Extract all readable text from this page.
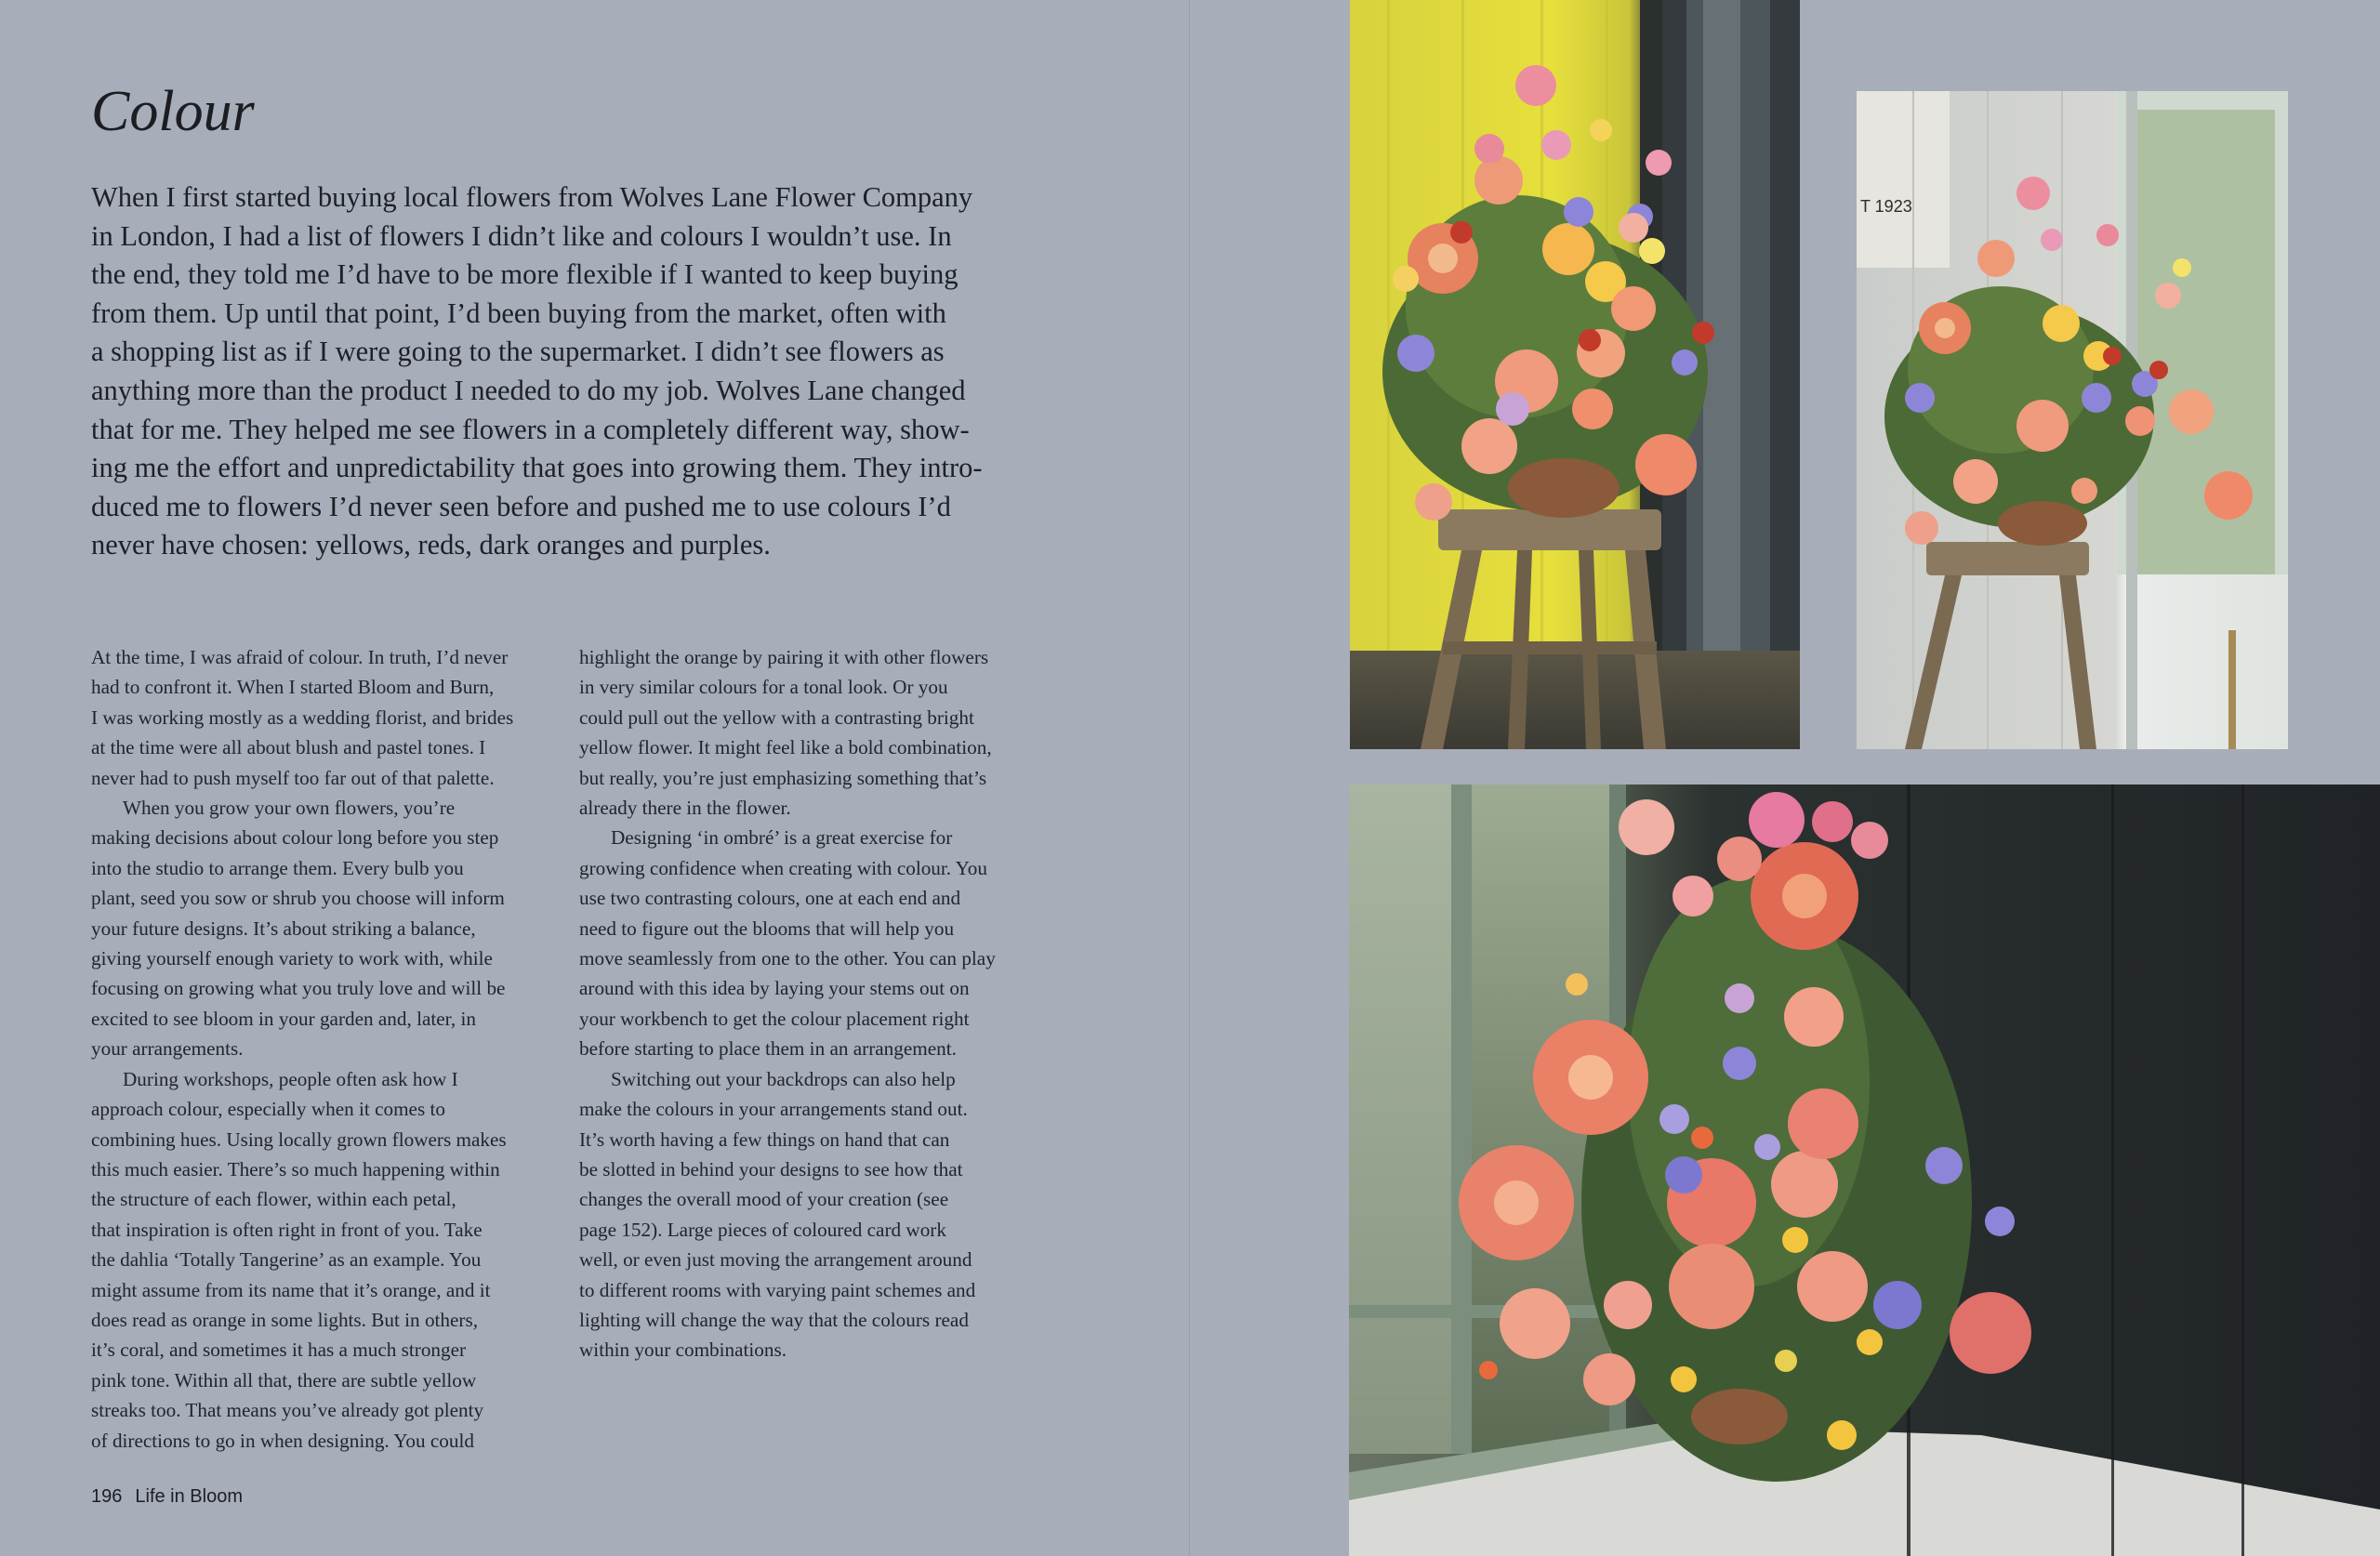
Colour

When I first started buying local flowers from Wolves Lane Flower Company
in London, I had a list of flowers I didn’t like and colours I wouldn’t use. In
the end, they told me I’d have to be more flexible if I wanted to keep buying
from them. Up until that point, I’d been buying from the market, often with
a shopping list as if I were going to the supermarket. I didn’t see flowers as
anything more than the product I needed to do my job. Wolves Lane changed
that for me. They helped me see flowers in a completely different way, show-
ing me the effort and unpredictability that goes into growing them. They intro-
duced me to flowers I’d never seen before and pushed me to use colours I’d
never have chosen: yellows, reds, dark oranges and purples.

At the time, I was afraid of colour. In truth, I’d never
had to confront it. When I started Bloom and Burn,
I was working mostly as a wedding florist, and brides
at the time were all about blush and pastel tones. I
never had to push myself too far out of that palette.
When you grow your own flowers, you’re
making decisions about colour long before you step
into the studio to arrange them. Every bulb you
plant, seed you sow or shrub you choose will inform
your future designs. It’s about striking a balance,
giving yourself enough variety to work with, while
focusing on growing what you truly love and will be
excited to see bloom in your garden and, later, in
your arrangements.
During workshops, people often ask how I
approach colour, especially when it comes to
combining hues. Using locally grown flowers makes
this much easier. There’s so much happening within
the structure of each flower, within each petal,
that inspiration is often right in front of you. Take
the dahlia ‘Totally Tangerine’ as an example. You
might assume from its name that it’s orange, and it
does read as orange in some lights. But in others,
it’s coral, and sometimes it has a much stronger
pink tone. Within all that, there are subtle yellow
streaks too. That means you’ve already got plenty
of directions to go in when designing. You could
highlight the orange by pairing it with other flowers
in very similar colours for a tonal look. Or you
could pull out the yellow with a contrasting bright
yellow flower. It might feel like a bold combination,
but really, you’re just emphasizing something that’s
already there in the flower.
Designing ‘in ombré’ is a great exercise for
growing confidence when creating with colour. You
use two contrasting colours, one at each end and
need to figure out the blooms that will help you
move seamlessly from one to the other. You can play
around with this idea by laying your stems out on
your workbench to get the colour placement right
before starting to place them in an arrangement.
Switching out your backdrops can also help
make the colours in your arrangements stand out.
It’s worth having a few things on hand that can
be slotted in behind your designs to see how that
changes the overall mood of your creation (see
page 152). Large pieces of coloured card work
well, or even just moving the arrangement around
to different rooms with varying paint schemes and
lighting will change the way that the colours read
within your combinations.
196 Life in Bloom
T 1923
